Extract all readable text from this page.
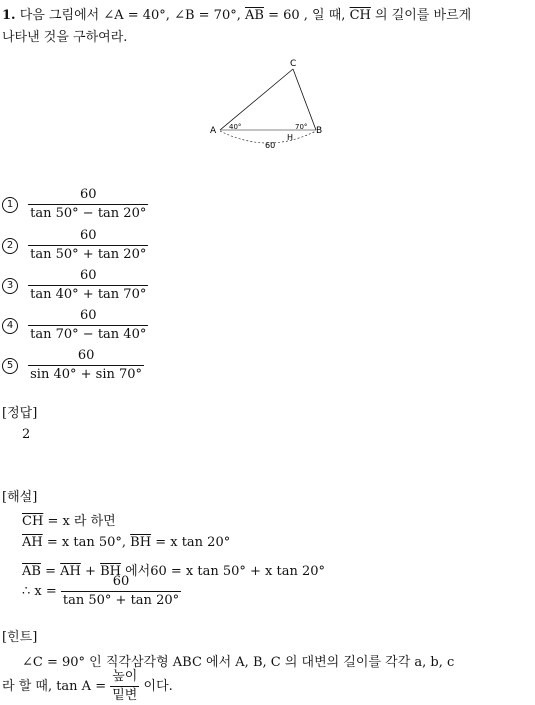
1. 다음 그림에서 ∠A = 40°, ∠B = 70°, $\overline{AB} = 60$ , 일 때, $\overline{CH}$ 의 길이를 바르게
나타낸 것을 구하여라.
C
A	B
40°	70°
H
60
$1 \frac{60}{\tan 50^\circ - \tan 20^\circ}$
$2 \frac{60}{\tan 50^\circ + \tan 20^\circ}$
$3 \frac{60}{\tan 40^\circ + \tan 70^\circ}$
$4 \frac{60}{\tan 70^\circ - \tan 40^\circ}$
$5 \frac{60}{\sin 40^\circ + \sin 70^\circ}$
[정답]
2
[해설]
$\overline{CH} = x$ 라 하면
$\overline{AH} = x$ tan 50°, $\overline{BH} = x$ tan 20°
$\overline{AB} = \overline{AH} + \overline{BH}$ 에서60 = x tan 50° + x tan 20°
∴ $x = \frac{60}{\tan 50^\circ + \tan 20^\circ}$
[힌트]
∠C = 90° 인 직각삼각형 ABC 에서 A, B, C 의 대변의 길이를 각각 a, b, c
라 할 때, $\tan A = \frac{\text{높이}}{\text{밑변}}$ 이다.
